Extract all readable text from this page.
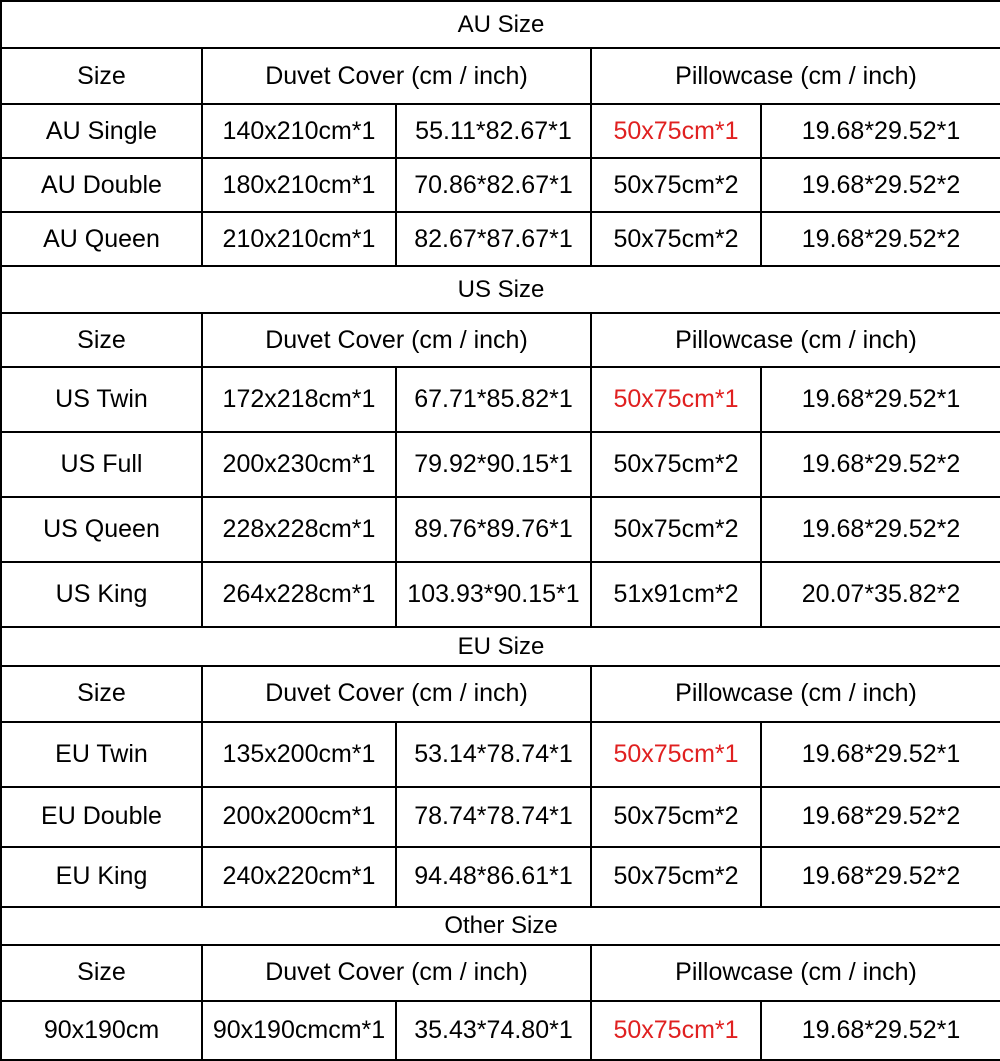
AU Size				
Size	Duvet Cover (cm / inch)		Pillowcase (cm / inch)	
AU Single	140x210cm*1	55.11*82.67*1	50x75cm*1	19.68*29.52*1
AU Double	180x210cm*1	70.86*82.67*1	50x75cm*2	19.68*29.52*2
AU Queen	210x210cm*1	82.67*87.67*1	50x75cm*2	19.68*29.52*2
US Size				
Size	Duvet Cover (cm / inch)		Pillowcase (cm / inch)	
US Twin	172x218cm*1	67.71*85.82*1	50x75cm*1	19.68*29.52*1
US Full	200x230cm*1	79.92*90.15*1	50x75cm*2	19.68*29.52*2
US Queen	228x228cm*1	89.76*89.76*1	50x75cm*2	19.68*29.52*2
US King	264x228cm*1	103.93*90.15*1	51x91cm*2	20.07*35.82*2
EU Size				
Size	Duvet Cover (cm / inch)		Pillowcase (cm / inch)	
EU Twin	135x200cm*1	53.14*78.74*1	50x75cm*1	19.68*29.52*1
EU Double	200x200cm*1	78.74*78.74*1	50x75cm*2	19.68*29.52*2
EU King	240x220cm*1	94.48*86.61*1	50x75cm*2	19.68*29.52*2
Other Size				
Size	Duvet Cover (cm / inch)		Pillowcase (cm / inch)	
90x190cm	90x190cmcm*1	35.43*74.80*1	50x75cm*1	19.68*29.52*1
